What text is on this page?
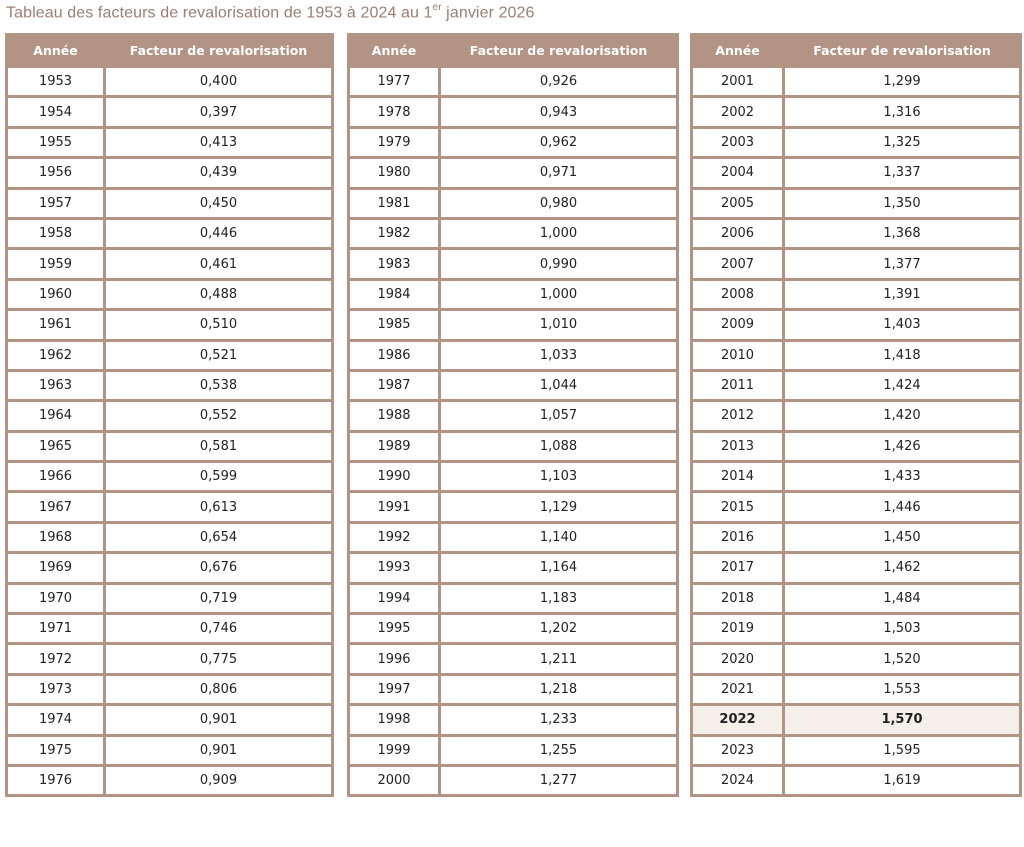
Tableau des facteurs de revalorisation de 1953 à 2024 au 1er janvier 2026
Année	Facteur de revalorisation
1953	0,400
1954	0,397
1955	0,413
1956	0,439
1957	0,450
1958	0,446
1959	0,461
1960	0,488
1961	0,510
1962	0,521
1963	0,538
1964	0,552
1965	0,581
1966	0,599
1967	0,613
1968	0,654
1969	0,676
1970	0,719
1971	0,746
1972	0,775
1973	0,806
1974	0,901
1975	0,901
1976	0,909
Année	Facteur de revalorisation
1977	0,926
1978	0,943
1979	0,962
1980	0,971
1981	0,980
1982	1,000
1983	0,990
1984	1,000
1985	1,010
1986	1,033
1987	1,044
1988	1,057
1989	1,088
1990	1,103
1991	1,129
1992	1,140
1993	1,164
1994	1,183
1995	1,202
1996	1,211
1997	1,218
1998	1,233
1999	1,255
2000	1,277
Année	Facteur de revalorisation
2001	1,299
2002	1,316
2003	1,325
2004	1,337
2005	1,350
2006	1,368
2007	1,377
2008	1,391
2009	1,403
2010	1,418
2011	1,424
2012	1,420
2013	1,426
2014	1,433
2015	1,446
2016	1,450
2017	1,462
2018	1,484
2019	1,503
2020	1,520
2021	1,553
2022	1,570
2023	1,595
2024	1,619
